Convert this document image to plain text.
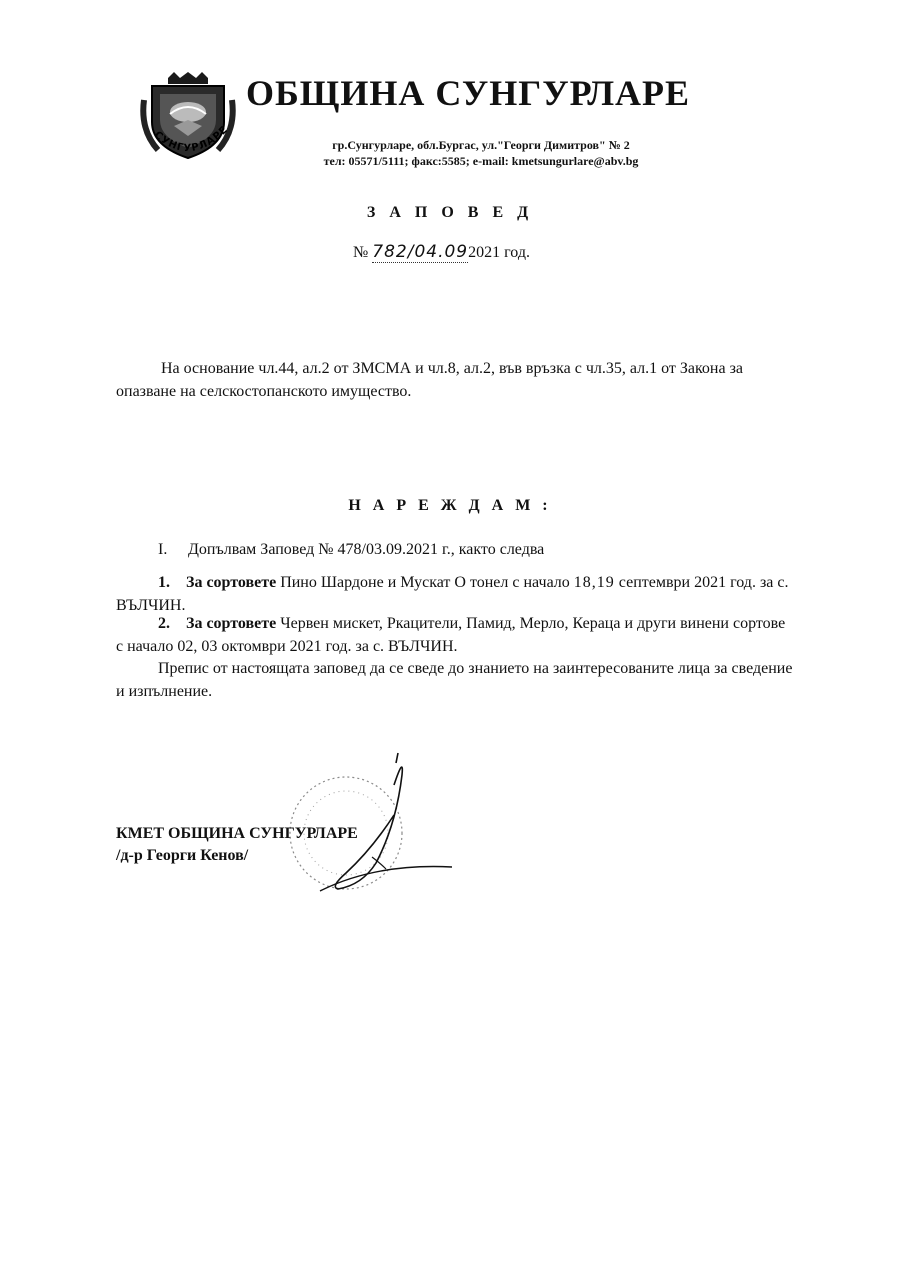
СУНГУРЛАРЕ
ОБЩИНА СУНГУРЛАРЕ
гр.Сунгурларе, обл.Бургас, ул."Георги Димитров" № 2
тел: 05571/5111; факс:5585; e-mail: kmetsungurlare@abv.bg
З А П О В Е Д
№ 782/04.092021 год.
На основание чл.44, ал.2 от ЗМСМА и чл.8, ал.2, във връзка с чл.35, ал.1 от Закона за опазване на селскостопанското имущество.
Н А Р Е Ж Д А М :
I. Допълвам Заповед № 478/03.09.2021 г., както следва
1. За сортовете Пино Шардоне и Мускат О тонел с начало 18,19 септември 2021 год. за с. ВЪЛЧИН.
2. За сортовете Червен мискет, Ркацители, Памид, Мерло, Кераца и други винени сортове с начало 02, 03 октомври 2021 год. за с. ВЪЛЧИН.
Препис от настоящата заповед да се сведе до знанието на заинтересованите лица за сведение и изпълнение.
КМЕТ ОБЩИНА СУНГУРЛАРЕ
/д-р Георги Кенов/
